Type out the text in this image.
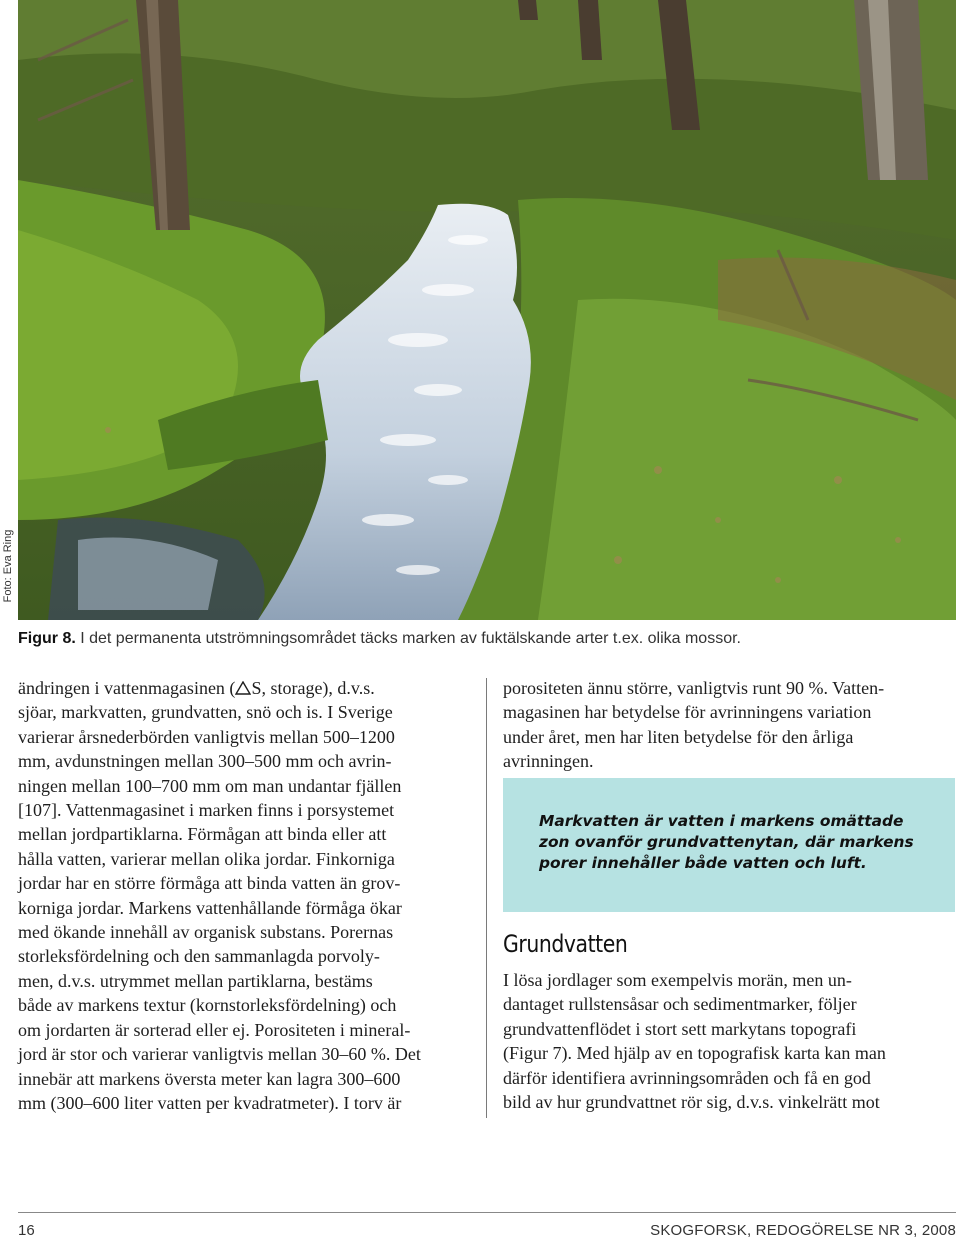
Foto: Eva Ring
Figur 8. I det permanenta utströmningsområdet täcks marken av fuktälskande arter t.ex. olika mossor.

ändringen i vattenmagasinen ( S, storage), d.v.s.
sjöar, markvatten, grundvatten, snö och is. I Sverige
varierar årsnederbörden vanligtvis mellan 500–1200
mm, avdunstningen mellan 300–500 mm och avrin-
ningen mellan 100–700 mm om man undantar fjällen
[107]. Vattenmagasinet i marken finns i porsystemet
mellan jordpartiklarna. Förmågan att binda eller att
hålla vatten, varierar mellan olika jordar. Finkorniga
jordar har en större förmåga att binda vatten än grov-
korniga jordar. Markens vattenhållande förmåga ökar
med ökande innehåll av organisk substans. Porernas
storleksfördelning och den sammanlagda porvoly-
men, d.v.s. utrymmet mellan partiklarna, bestäms
både av markens textur (kornstorleksfördelning) och
om jordarten är sorterad eller ej. Porositeten i mineral-
jord är stor och varierar vanligtvis mellan 30–60 %. Det
innebär att markens översta meter kan lagra 300–600
mm (300–600 liter vatten per kvadratmeter). I torv är

porositeten ännu större, vanligtvis runt 90 %. Vatten-
magasinen har betydelse för avrinningens variation
under året, men har liten betydelse för den årliga
avrinningen.

Markvatten är vatten i markens omättade
zon ovanför grundvattenytan, där markens
porer innehåller både vatten och luft.
Grundvatten

I lösa jordlager som exempelvis morän, men un-
dantaget rullstensåsar och sedimentmarker, följer
grundvattenflödet i stort sett markytans topografi
(Figur 7). Med hjälp av en topografisk karta kan man
därför identifiera avrinningsområden och få en god
bild av hur grundvattnet rör sig, d.v.s. vinkelrätt mot

16	SKOGFORSK, REDOGÖRELSE NR 3, 2008
